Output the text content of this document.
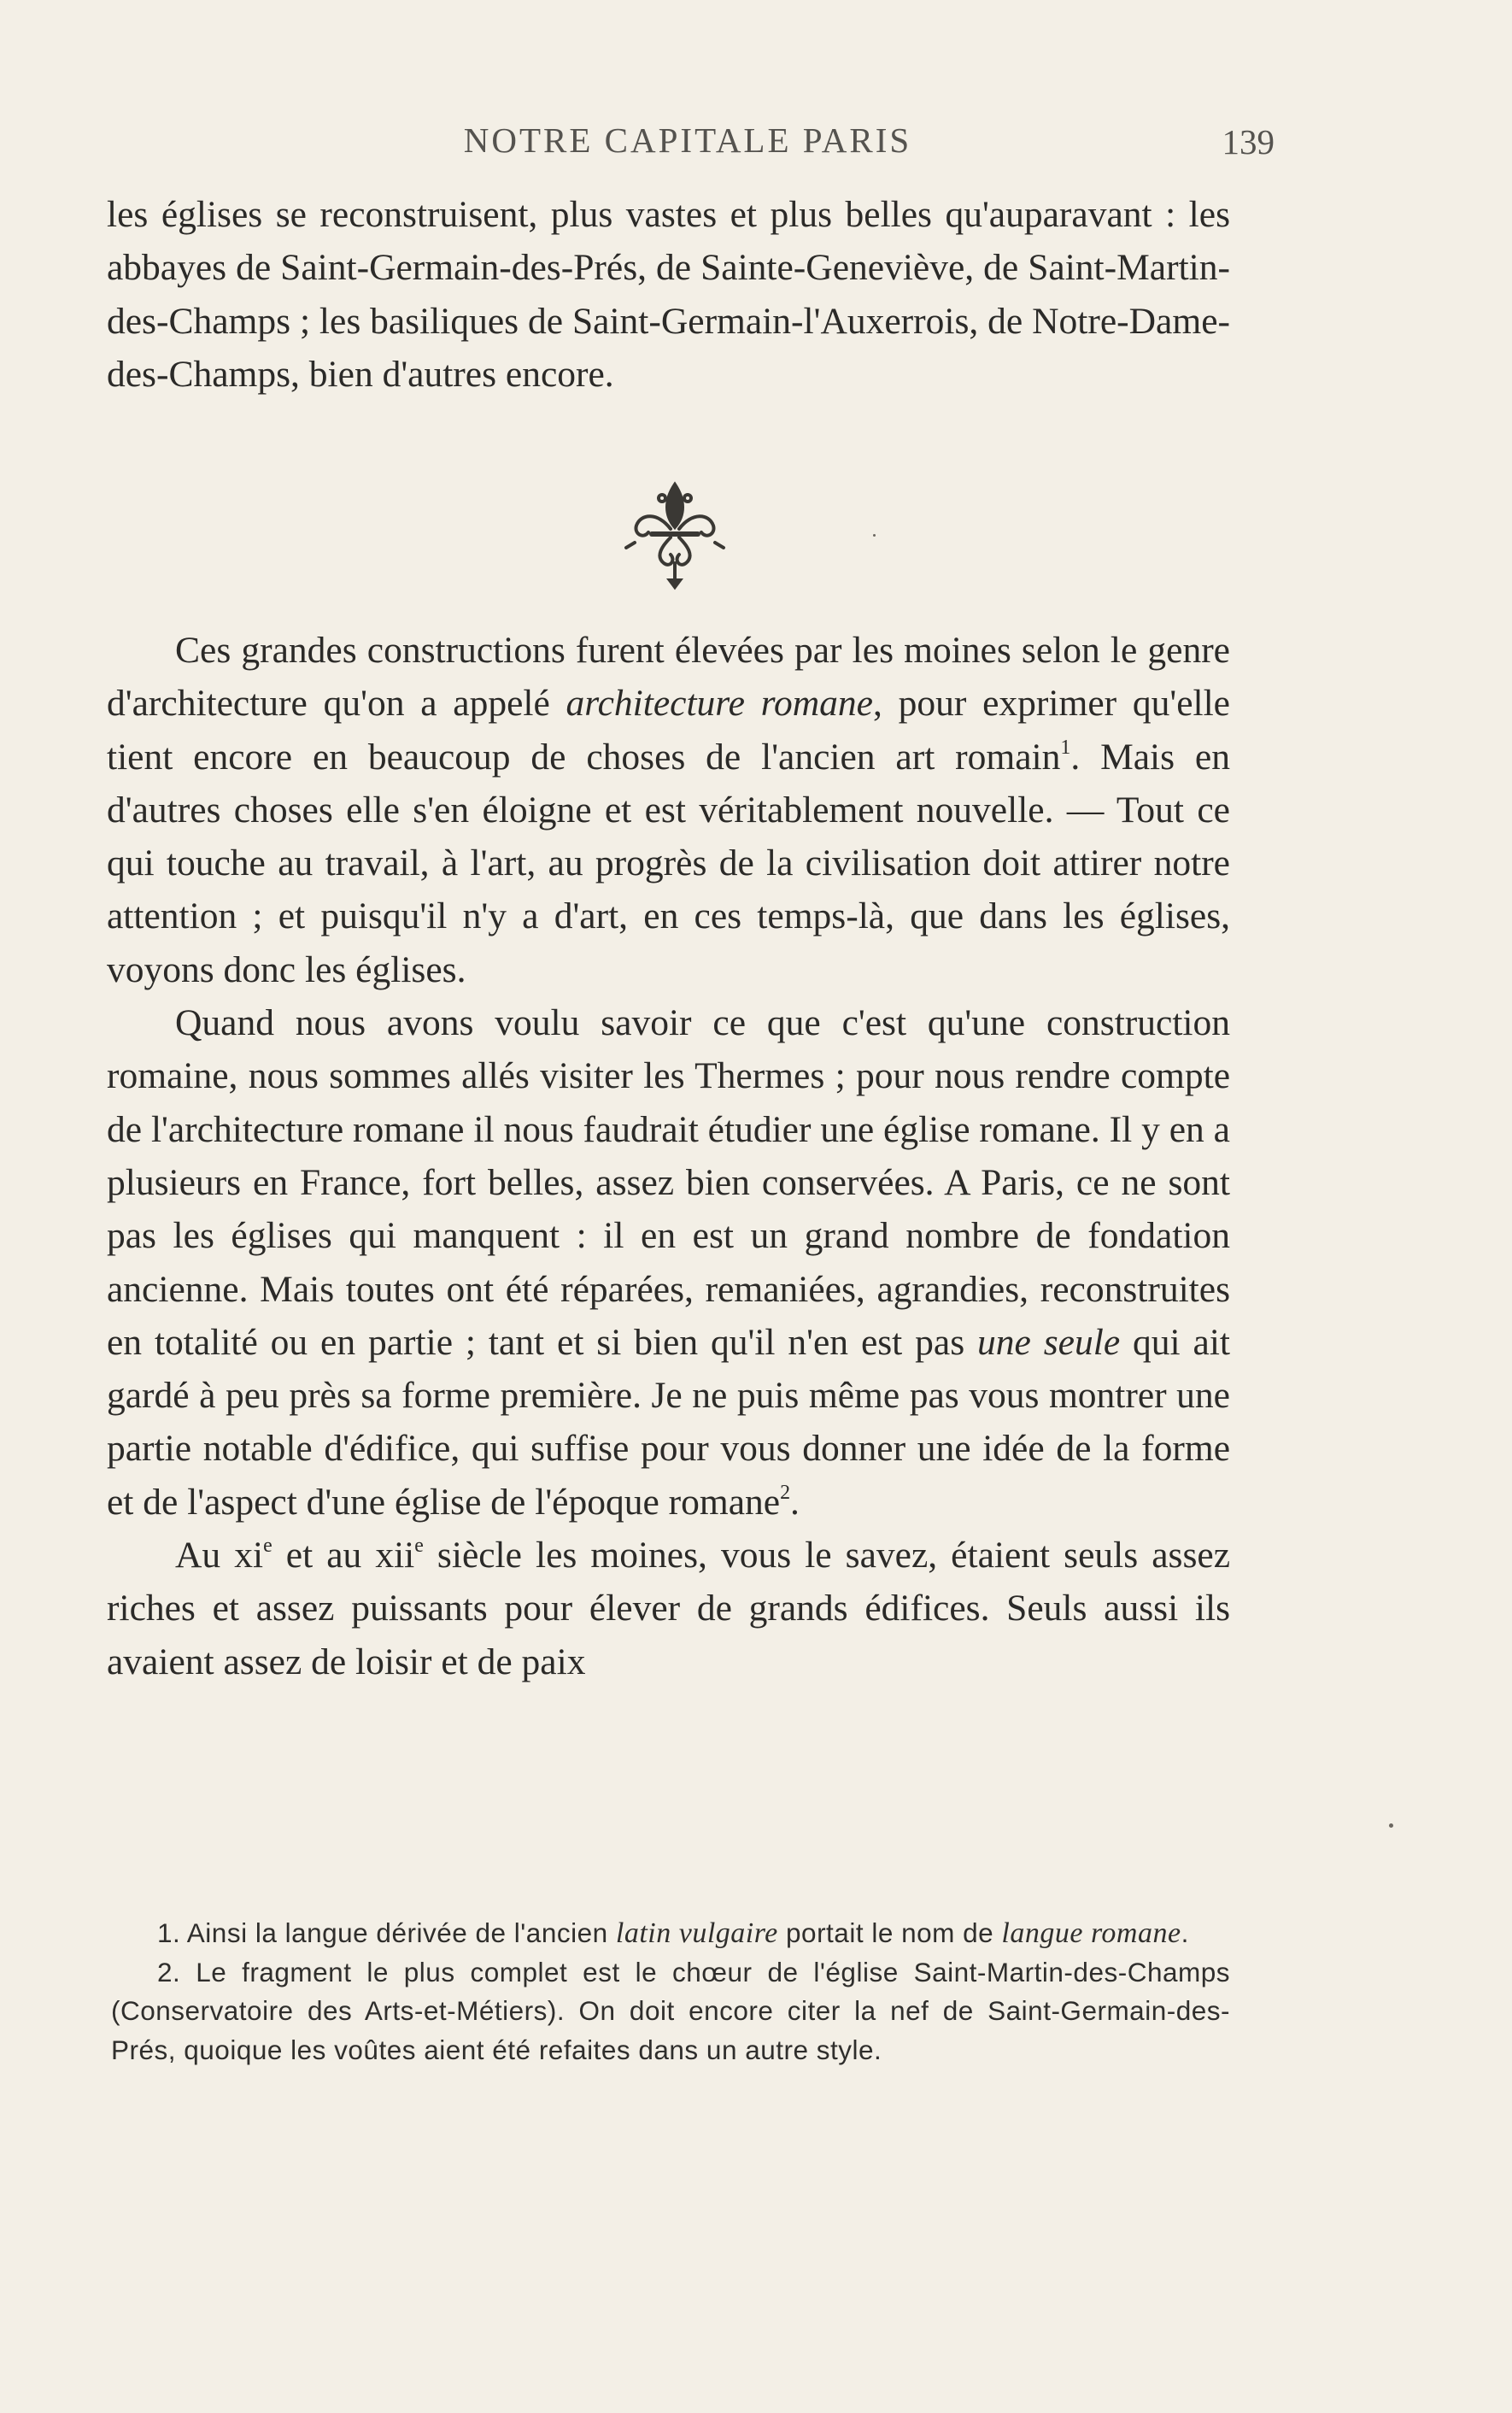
NOTRE CAPITALE PARIS	139

les églises se reconstruisent, plus vastes et plus belles qu'auparavant : les abbayes de Saint-Germain-des-Prés, de Sainte-Geneviève, de Saint-Martin-des-Champs ; les basiliques de Saint-Germain-l'Auxerrois, de Notre-Dame-des-Champs, bien d'autres encore.

Ces grandes constructions furent élevées par les moines selon le genre d'architecture qu'on a appelé architecture romane, pour exprimer qu'elle tient encore en beaucoup de choses de l'ancien art romain$^1$. Mais en d'autres choses elle s'en éloigne et est véritablement nouvelle. — Tout ce qui touche au travail, à l'art, au progrès de la civilisation doit attirer notre attention ; et puisqu'il n'y a d'art, en ces temps-là, que dans les églises, voyons donc les églises.

Quand nous avons voulu savoir ce que c'est qu'une construction romaine, nous sommes allés visiter les Thermes ; pour nous rendre compte de l'architecture romane il nous faudrait étudier une église romane. Il y en a plusieurs en France, fort belles, assez bien conservées. A Paris, ce ne sont pas les églises qui manquent : il en est un grand nombre de fondation ancienne. Mais toutes ont été réparées, remaniées, agrandies, reconstruites en totalité ou en partie ; tant et si bien qu'il n'en est pas une seule qui ait gardé à peu près sa forme première. Je ne puis même pas vous montrer une partie notable d'édifice, qui suffise pour vous donner une idée de la forme et de l'aspect d'une église de l'époque romane$^2$.

Au $xi^e$ et au xii$^e$ siècle les moines, vous le savez, étaient seuls assez riches et assez puissants pour élever de grands édifices. Seuls aussi ils avaient assez de loisir et de paix

1. Ainsi la langue dérivée de l'ancien latin vulgaire portait le nom de langue romane.

2. Le fragment le plus complet est le chœur de l'église Saint-Martin-des-Champs (Conservatoire des Arts-et-Métiers). On doit encore citer la nef de Saint-Germain-des-Prés, quoique les voûtes aient été refaites dans un autre style.
